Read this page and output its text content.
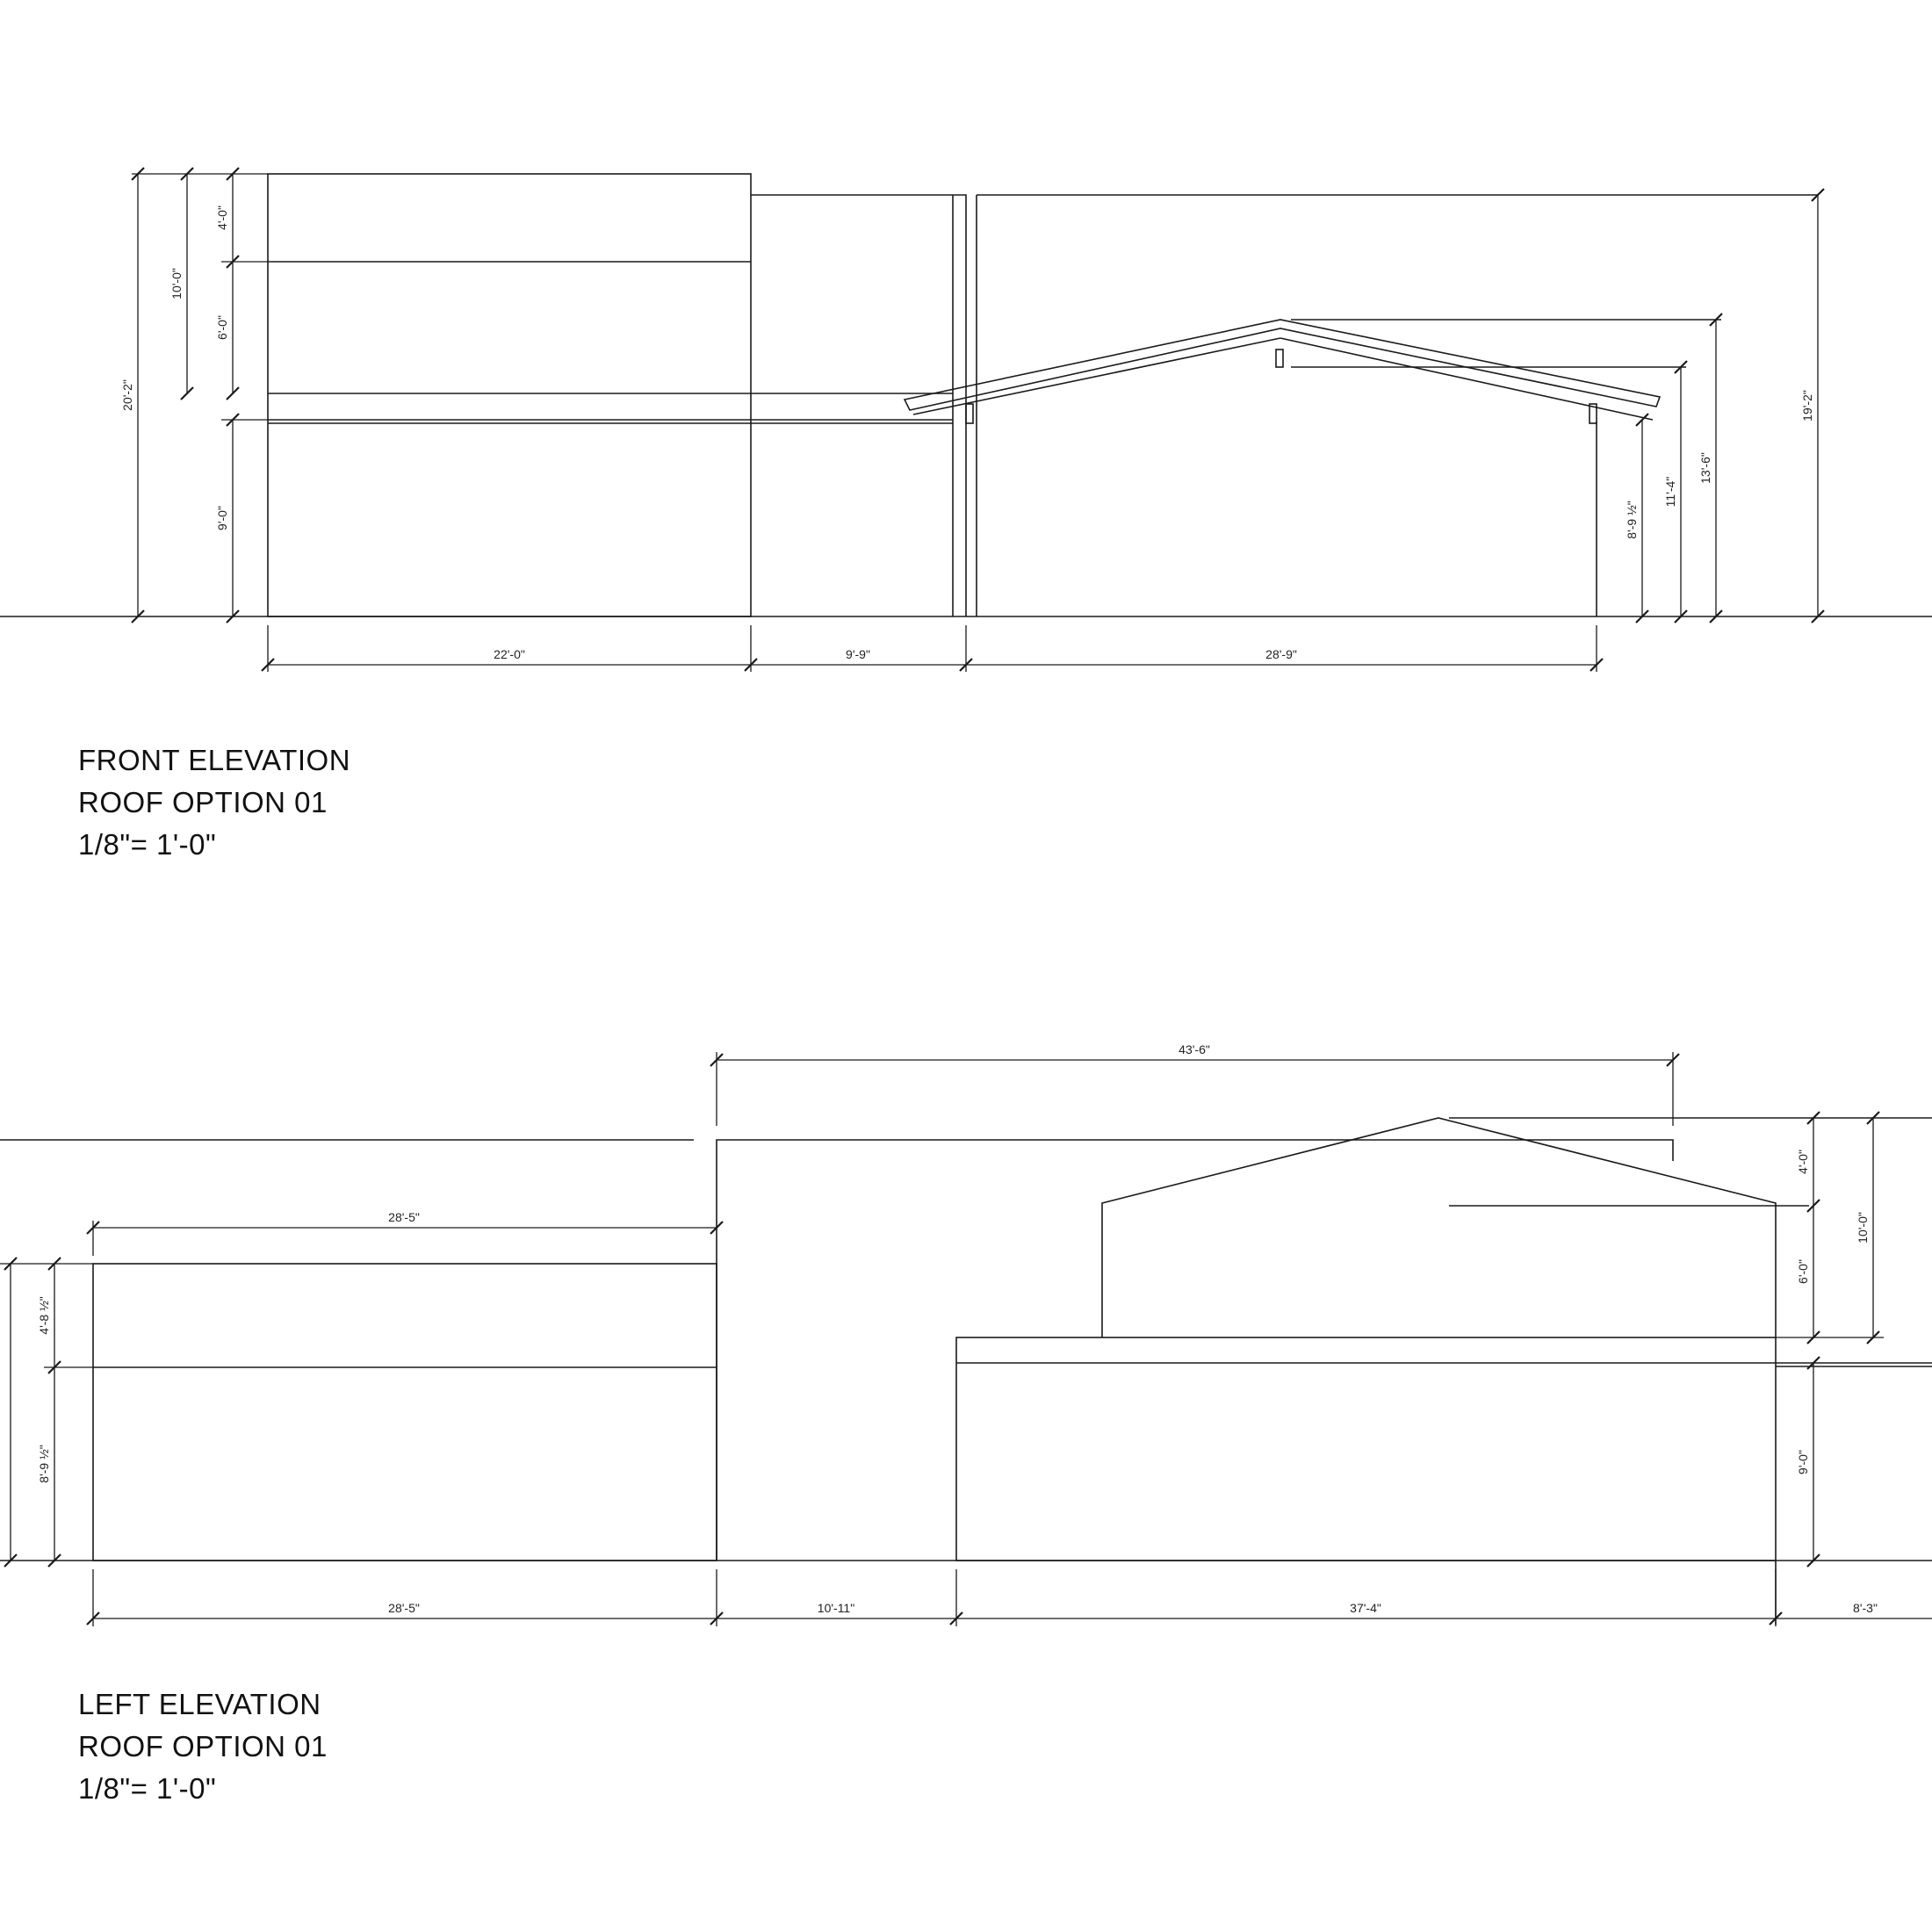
20'-2"
10'-0"
4'-0"
6'-0"
9'-0"	8'-9 ½"
11'-4"
13'-6"
19'-2"
22'-0"	9'-9"	28'-9"
43'-6"
28'-5"
4'-8 ½"
8'-9 ½"
4'-0"
6'-0"
10'-0"
9'-0"
28'-5"	10'-11"	37'-4"	8'-3"
FRONT ELEVATION
ROOF OPTION 01
1/8"= 1'-0"
LEFT ELEVATION
ROOF OPTION 01
1/8"= 1'-0"
